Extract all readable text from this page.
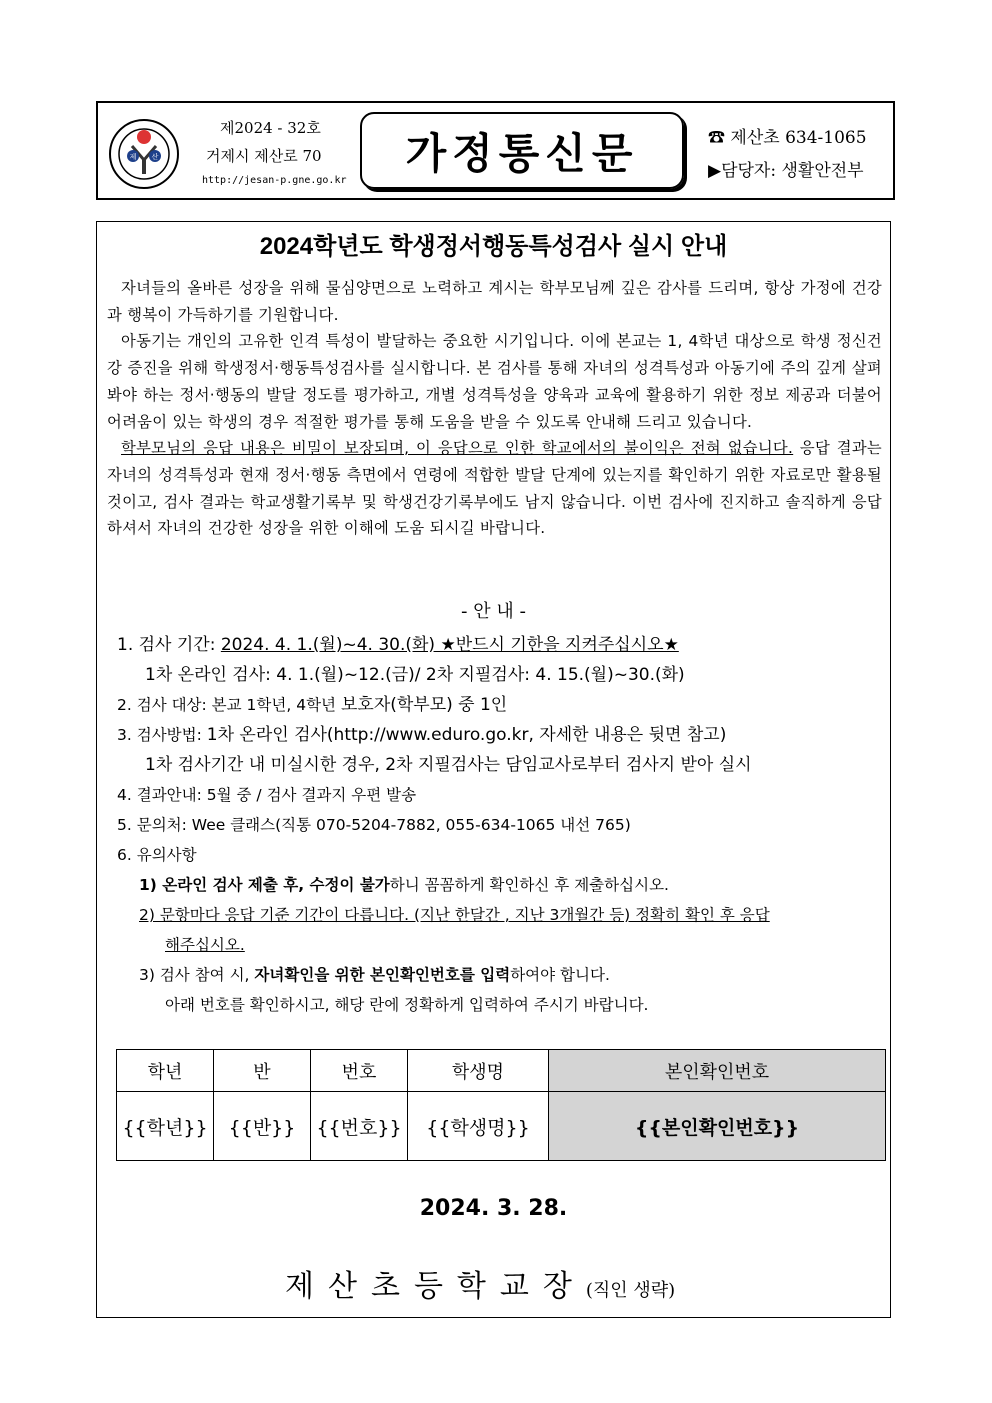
제 산
제2024 - 32호
거제시 제산로 70
http://jesan-p.gne.go.kr
가정통신문	☎ 제산초 634-1065
▶담당자: 생활안전부
2024학년도 학생정서행동특성검사 실시 안내

자녀들의 올바른 성장을 위해 물심양면으로 노력하고 계시는 학부모님께 깊은 감사를 드리며, 항상 가정에 건강과 행복이 가득하기를 기원합니다.

아동기는 개인의 고유한 인격 특성이 발달하는 중요한 시기입니다. 이에 본교는 1, 4학년 대상으로 학생 정신건강 증진을 위해 학생정서·행동특성검사를 실시합니다. 본 검사를 통해 자녀의 성격특성과 아동기에 주의 깊게 살펴봐야 하는 정서·행동의 발달 정도를 평가하고, 개별 성격특성을 양육과 교육에 활용하기 위한 정보 제공과 더불어 어려움이 있는 학생의 경우 적절한 평가를 통해 도움을 받을 수 있도록 안내해 드리고 있습니다.

학부모님의 응답 내용은 비밀이 보장되며, 이 응답으로 인한 학교에서의 불이익은 전혀 없습니다. 응답 결과는 자녀의 성격특성과 현재 정서·행동 측면에서 연령에 적합한 발달 단계에 있는지를 확인하기 위한 자료로만 활용될 것이고, 검사 결과는 학교생활기록부 및 학생건강기록부에도 남지 않습니다. 이번 검사에 진지하고 솔직하게 응답하셔서 자녀의 건강한 성장을 위한 이해에 도움 되시길 바랍니다.

- 안 내 -
1. 검사 기간: 2024. 4. 1.(월)~4. 30.(화) ★반드시 기한을 지켜주십시오★
1차 온라인 검사: 4. 1.(월)~12.(금)/ 2차 지필검사: 4. 15.(월)~30.(화)
2. 검사 대상: 본교 1학년, 4학년 보호자(학부모) 중 1인
3. 검사방법: 1차 온라인 검사(http://www.eduro.go.kr, 자세한 내용은 뒷면 참고)
1차 검사기간 내 미실시한 경우, 2차 지필검사는 담임교사로부터 검사지 받아 실시
4. 결과안내: 5월 중 / 검사 결과지 우편 발송
5. 문의처: Wee 클래스(직통 070-5204-7882, 055-634-1065 내선 765)
6. 유의사항
1) 온라인 검사 제출 후, 수정이 불가하니 꼼꼼하게 확인하신 후 제출하십시오.
2) 문항마다 응답 기준 기간이 다릅니다. (지난 한달간 , 지난 3개월간 등) 정확히 확인 후 응답
해주십시오.
3) 검사 참여 시, 자녀확인을 위한 본인확인번호를 입력하여야 합니다.
아래 번호를 확인하시고, 해당 란에 정확하게 입력하여 주시기 바랍니다.
학년	반	번호	학생명	본인확인번호
{{학년}}	{{반}}	{{번호}}	{{학생명}}	{{본인확인번호}}
2024. 3. 28.
제산초등학교장(직인 생략)
